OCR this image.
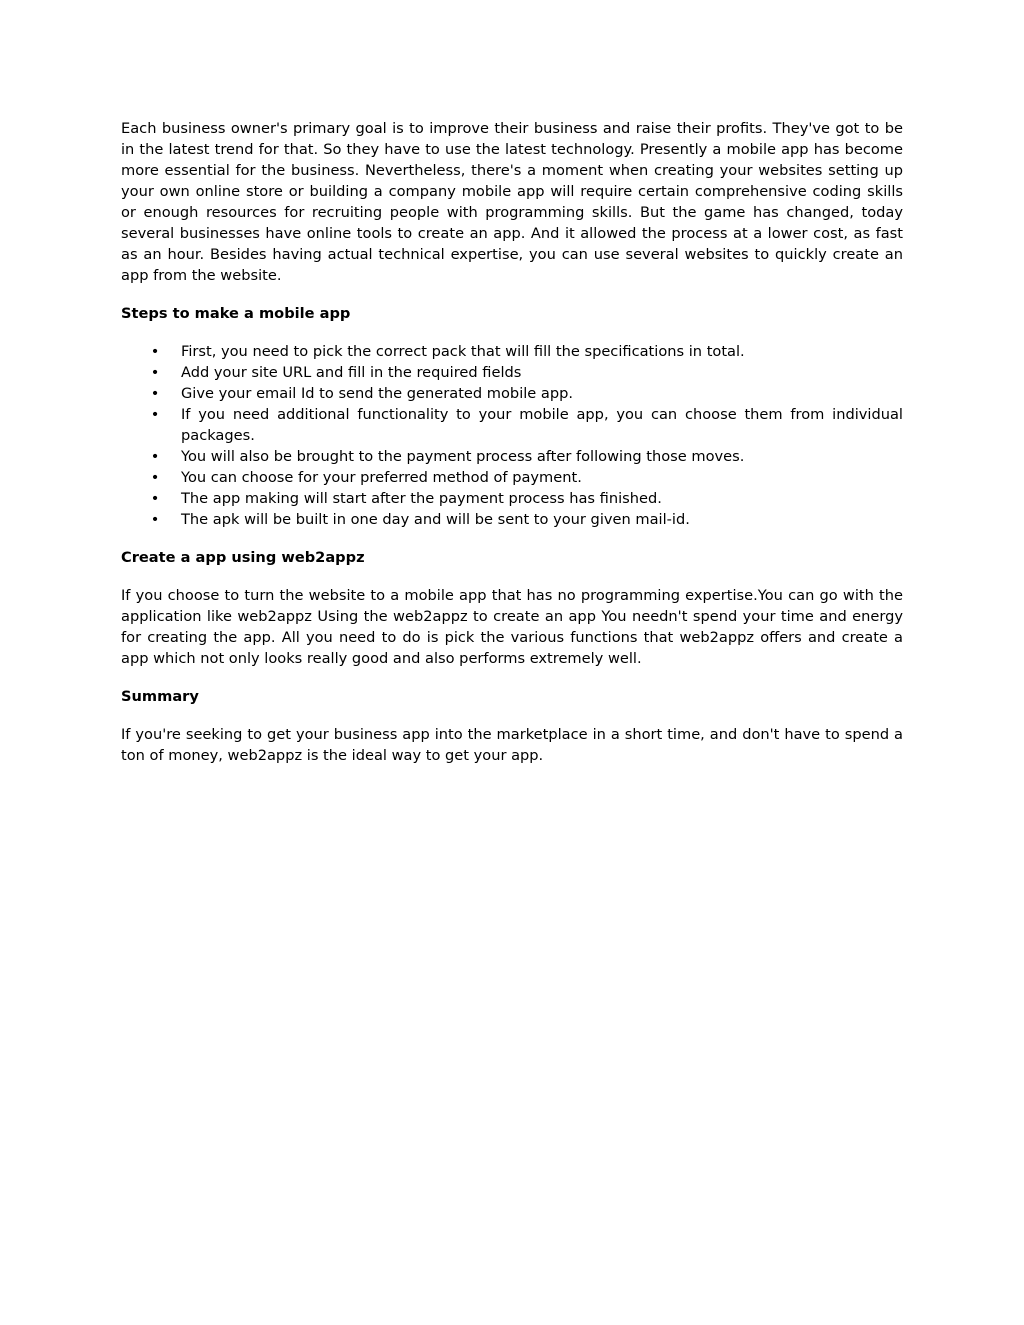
Each business owner's primary goal is to improve their business and raise their profits. They've got to be in the latest trend for that. So they have to use the latest technology. Presently a mobile app has become more essential for the business. Nevertheless, there's a moment when creating your websites setting up your own online store or building a company mobile app will require certain comprehensive coding skills or enough resources for recruiting people with programming skills. But the game has changed, today several businesses have online tools to create an app. And it allowed the process at a lower cost, as fast as an hour. Besides having actual technical expertise, you can use several websites to quickly create an app from the website.

Steps to make a mobile app

• First, you need to pick the correct pack that will fill the specifications in total.
• Add your site URL and fill in the required fields
• Give your email Id to send the generated mobile app.
• If you need additional functionality to your mobile app, you can choose them from individual packages.
• You will also be brought to the payment process after following those moves.
• You can choose for your preferred method of payment.
• The app making will start after the payment process has finished.
• The apk will be built in one day and will be sent to your given mail-id.

Create a app using web2appz

If you choose to turn the website to a mobile app that has no programming expertise.You can go with the application like web2appz Using the web2appz to create an app You needn't spend your time and energy for creating the app. All you need to do is pick the various functions that web2appz offers and create a app which not only looks really good and also performs extremely well.

Summary

If you're seeking to get your business app into the marketplace in a short time, and don't have to spend a ton of money, web2appz is the ideal way to get your app.
